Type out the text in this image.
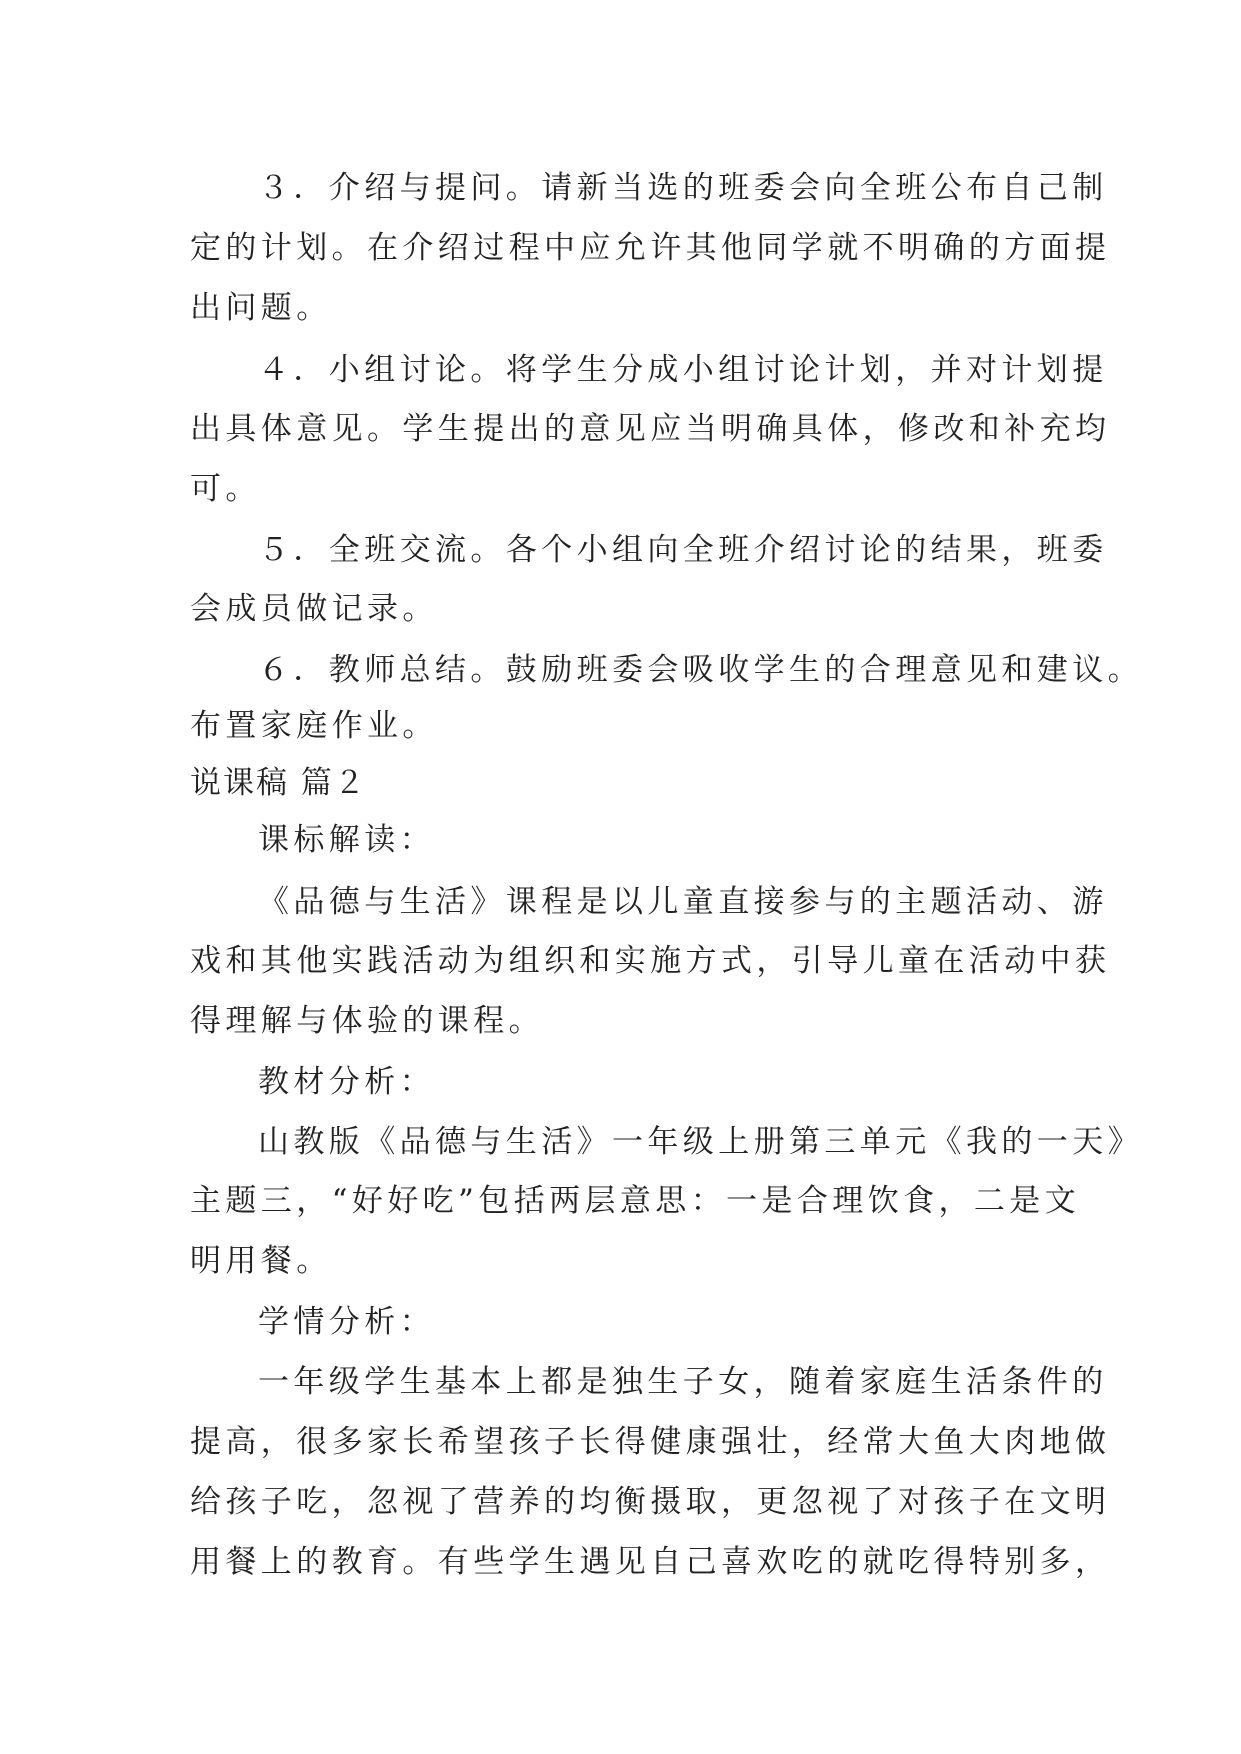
３．介绍与提问。请新当选的班委会向全班公布自己制
定的计划。在介绍过程中应允许其他同学就不明确的方面提
出问题。
４．小组讨论。将学生分成小组讨论计划，并对计划提
出具体意见。学生提出的意见应当明确具体，修改和补充均
可。
５．全班交流。各个小组向全班介绍讨论的结果，班委
会成员做记录。
６．教师总结。鼓励班委会吸收学生的合理意见和建议。
布置家庭作业。
说课稿 篇２
课标解读：
《品德与生活》课程是以儿童直接参与的主题活动、游
戏和其他实践活动为组织和实施方式，引导儿童在活动中获
得理解与体验的课程。
教材分析：
山教版《品德与生活》一年级上册第三单元《我的一天》
主题三，“好好吃”包括两层意思：一是合理饮食，二是文
明用餐。
学情分析：
一年级学生基本上都是独生子女，随着家庭生活条件的
提高，很多家长希望孩子长得健康强壮，经常大鱼大肉地做
给孩子吃，忽视了营养的均衡摄取，更忽视了对孩子在文明
用餐上的教育。有些学生遇见自己喜欢吃的就吃得特别多，
